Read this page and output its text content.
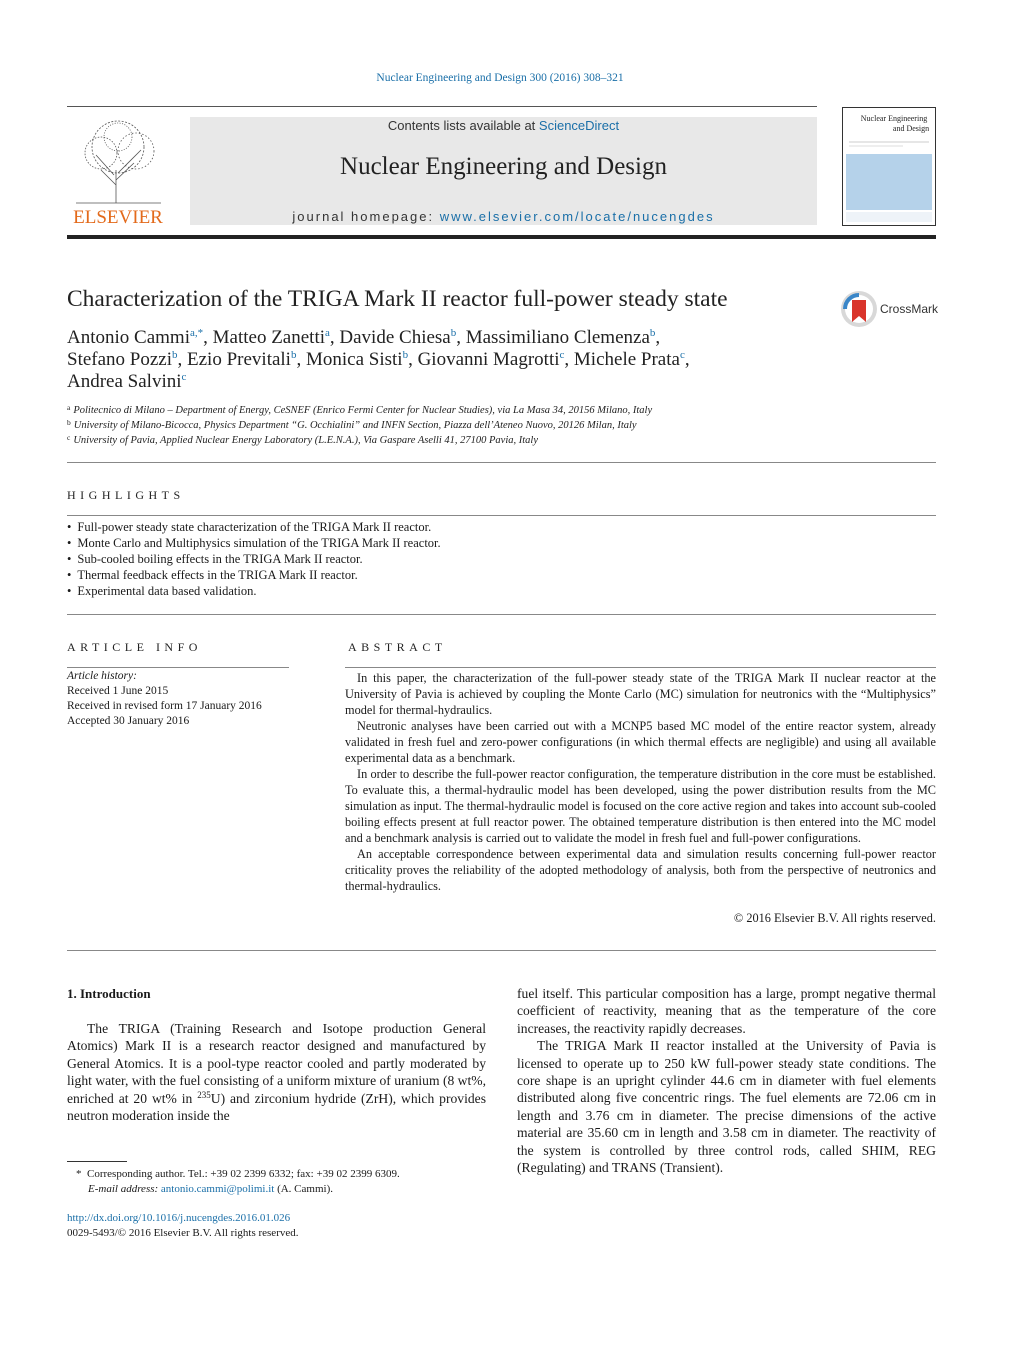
Nuclear Engineering and Design 300 (2016) 308–321
ELSEVIER
Contents lists available at ScienceDirect
Nuclear Engineering and Design
journal homepage: www.elsevier.com/locate/nucengdes
Nuclear Engineering and Design
Characterization of the TRIGA Mark II reactor full-power steady state	CrossMark
Antonio Cammi$^{a,*}$, Matteo Zanetti$^a$, Davide Chiesa$^b$, Massimiliano Clemenza$^b$,
Stefano Pozzi$^b$, Ezio Previtali$^b$, Monica Sisti$^b$, Giovanni Magrotti$^c$, Michele Prata$^c$,
Andrea Salvini$^c$
$^a$ Politecnico di Milano – Department of Energy, CeSNEF (Enrico Fermi Center for Nuclear Studies), via La Masa 34, 20156 Milano, Italy
$^b$ University of Milano-Bicocca, Physics Department “G. Occhialini” and INFN Section, Piazza dell’Ateneo Nuovo, 20126 Milan, Italy
$^c$ University of Pavia, Applied Nuclear Energy Laboratory (L.E.N.A.), Via Gaspare Aselli 41, 27100 Pavia, Italy
HIGHLIGHTS
• Full-power steady state characterization of the TRIGA Mark II reactor.
• Monte Carlo and Multiphysics simulation of the TRIGA Mark II reactor.
• Sub-cooled boiling effects in the TRIGA Mark II reactor.
• Thermal feedback effects in the TRIGA Mark II reactor.
• Experimental data based validation.
ARTICLE INFO
Article history:
Received 1 June 2015
Received in revised form 17 January 2016
Accepted 30 January 2016
ABSTRACT

In this paper, the characterization of the full-power steady state of the TRIGA Mark II nuclear reactor at the University of Pavia is achieved by coupling the Monte Carlo (MC) simulation for neutronics with the “Multiphysics” model for thermal-hydraulics.

Neutronic analyses have been carried out with a MCNP5 based MC model of the entire reactor system, already validated in fresh fuel and zero-power configurations (in which thermal effects are negligible) and using all available experimental data as a benchmark.

In order to describe the full-power reactor configuration, the temperature distribution in the core must be established. To evaluate this, a thermal-hydraulic model has been developed, using the power distribution results from the MC simulation as input. The thermal-hydraulic model is focused on the core active region and takes into account sub-cooled boiling effects present at full reactor power. The obtained temperature distribution is then entered into the MC model and a benchmark analysis is carried out to validate the model in fresh fuel and full-power configurations.

An acceptable correspondence between experimental data and simulation results concerning full-power reactor criticality proves the reliability of the adopted methodology of analysis, both from the perspective of neutronics and thermal-hydraulics.

© 2016 Elsevier B.V. All rights reserved.
1. Introduction

The TRIGA (Training Research and Isotope production General Atomics) Mark II is a research reactor designed and manufactured by General Atomics. It is a pool-type reactor cooled and partly moderated by light water, with the fuel consisting of a uniform mixture of uranium (8 wt%, enriched at 20 wt% in $^{235}$U) and zirconium hydride (ZrH), which provides neutron moderation inside the

fuel itself. This particular composition has a large, prompt negative thermal coefficient of reactivity, meaning that as the temperature of the core increases, the reactivity rapidly decreases.

The TRIGA Mark II reactor installed at the University of Pavia is licensed to operate up to 250 kW full-power steady state conditions. The core shape is an upright cylinder 44.6 cm in diameter with fuel elements distributed along five concentric rings. The fuel elements are 72.06 cm in length and 3.76 cm in diameter. The precise dimensions of the active material are 35.60 cm in length and 3.58 cm in diameter. The reactivity of the system is controlled by three control rods, called SHIM, REG (Regulating) and TRANS (Transient).

* Corresponding author. Tel.: +39 02 2399 6332; fax: +39 02 2399 6309.
E-mail address: antonio.cammi@polimi.it (A. Cammi).
http://dx.doi.org/10.1016/j.nucengdes.2016.01.026
0029-5493/© 2016 Elsevier B.V. All rights reserved.
